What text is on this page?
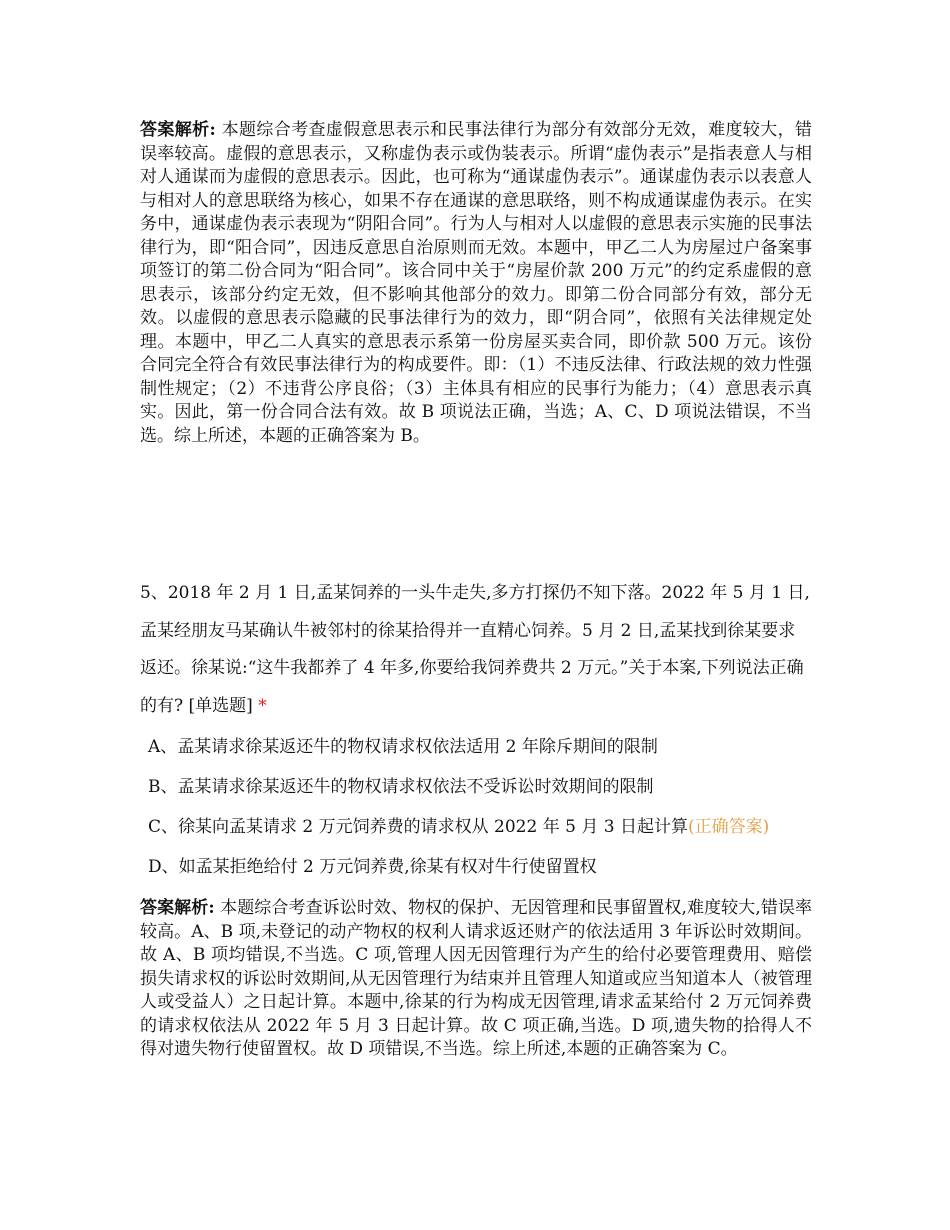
答案解析: 本题综合考查虚假意思表示和民事法律行为部分有效部分无效，难度较大，错误率较高。虚假的意思表示，又称虚伪表示或伪装表示。所谓“虚伪表示”是指表意人与相对人通谋而为虚假的意思表示。因此，也可称为“通谋虚伪表示”。通谋虚伪表示以表意人与相对人的意思联络为核心，如果不存在通谋的意思联络，则不构成通谋虚伪表示。在实务中，通谋虚伪表示表现为“阴阳合同”。行为人与相对人以虚假的意思表示实施的民事法律行为，即“阳合同”，因违反意思自治原则而无效。本题中，甲乙二人为房屋过户备案事项签订的第二份合同为“阳合同”。该合同中关于“房屋价款 200 万元”的约定系虚假的意思表示，该部分约定无效，但不影响其他部分的效力。即第二份合同部分有效，部分无效。以虚假的意思表示隐藏的民事法律行为的效力，即“阴合同”，依照有关法律规定处理。本题中，甲乙二人真实的意思表示系第一份房屋买卖合同，即价款 500 万元。该份合同完全符合有效民事法律行为的构成要件。即：（1）不违反法律、行政法规的效力性强制性规定；（2）不违背公序良俗；（3）主体具有相应的民事行为能力；（4）意思表示真实。因此，第一份合同合法有效。故 B 项说法正确，当选；A、C、D 项说法错误，不当选。综上所述，本题的正确答案为 B。

5、2018 年 2 月 1 日,孟某饲养的一头牛走失,多方打探仍不知下落。2022 年 5 月 1 日,孟某经朋友马某确认牛被邻村的徐某拾得并一直精心饲养。5 月 2 日,孟某找到徐某要求返还。徐某说:“这牛我都养了 4 年多,你要给我饲养费共 2 万元。”关于本案,下列说法正确的有? [单选题] *

A、孟某请求徐某返还牛的物权请求权依法适用 2 年除斥期间的限制

B、孟某请求徐某返还牛的物权请求权依法不受诉讼时效期间的限制

C、徐某向孟某请求 2 万元饲养费的请求权从 2022 年 5 月 3 日起计算(正确答案)

D、如孟某拒绝给付 2 万元饲养费,徐某有权对牛行使留置权

答案解析: 本题综合考查诉讼时效、物权的保护、无因管理和民事留置权,难度较大,错误率较高。A、B 项,未登记的动产物权的权利人请求返还财产的依法适用 3 年诉讼时效期间。故 A、B 项均错误,不当选。C 项,管理人因无因管理行为产生的给付必要管理费用、赔偿损失请求权的诉讼时效期间,从无因管理行为结束并且管理人知道或应当知道本人（被管理人或受益人）之日起计算。本题中,徐某的行为构成无因管理,请求孟某给付 2 万元饲养费的请求权依法从 2022 年 5 月 3 日起计算。故 C 项正确,当选。D 项,遗失物的拾得人不得对遗失物行使留置权。故 D 项错误,不当选。综上所述,本题的正确答案为 C。
